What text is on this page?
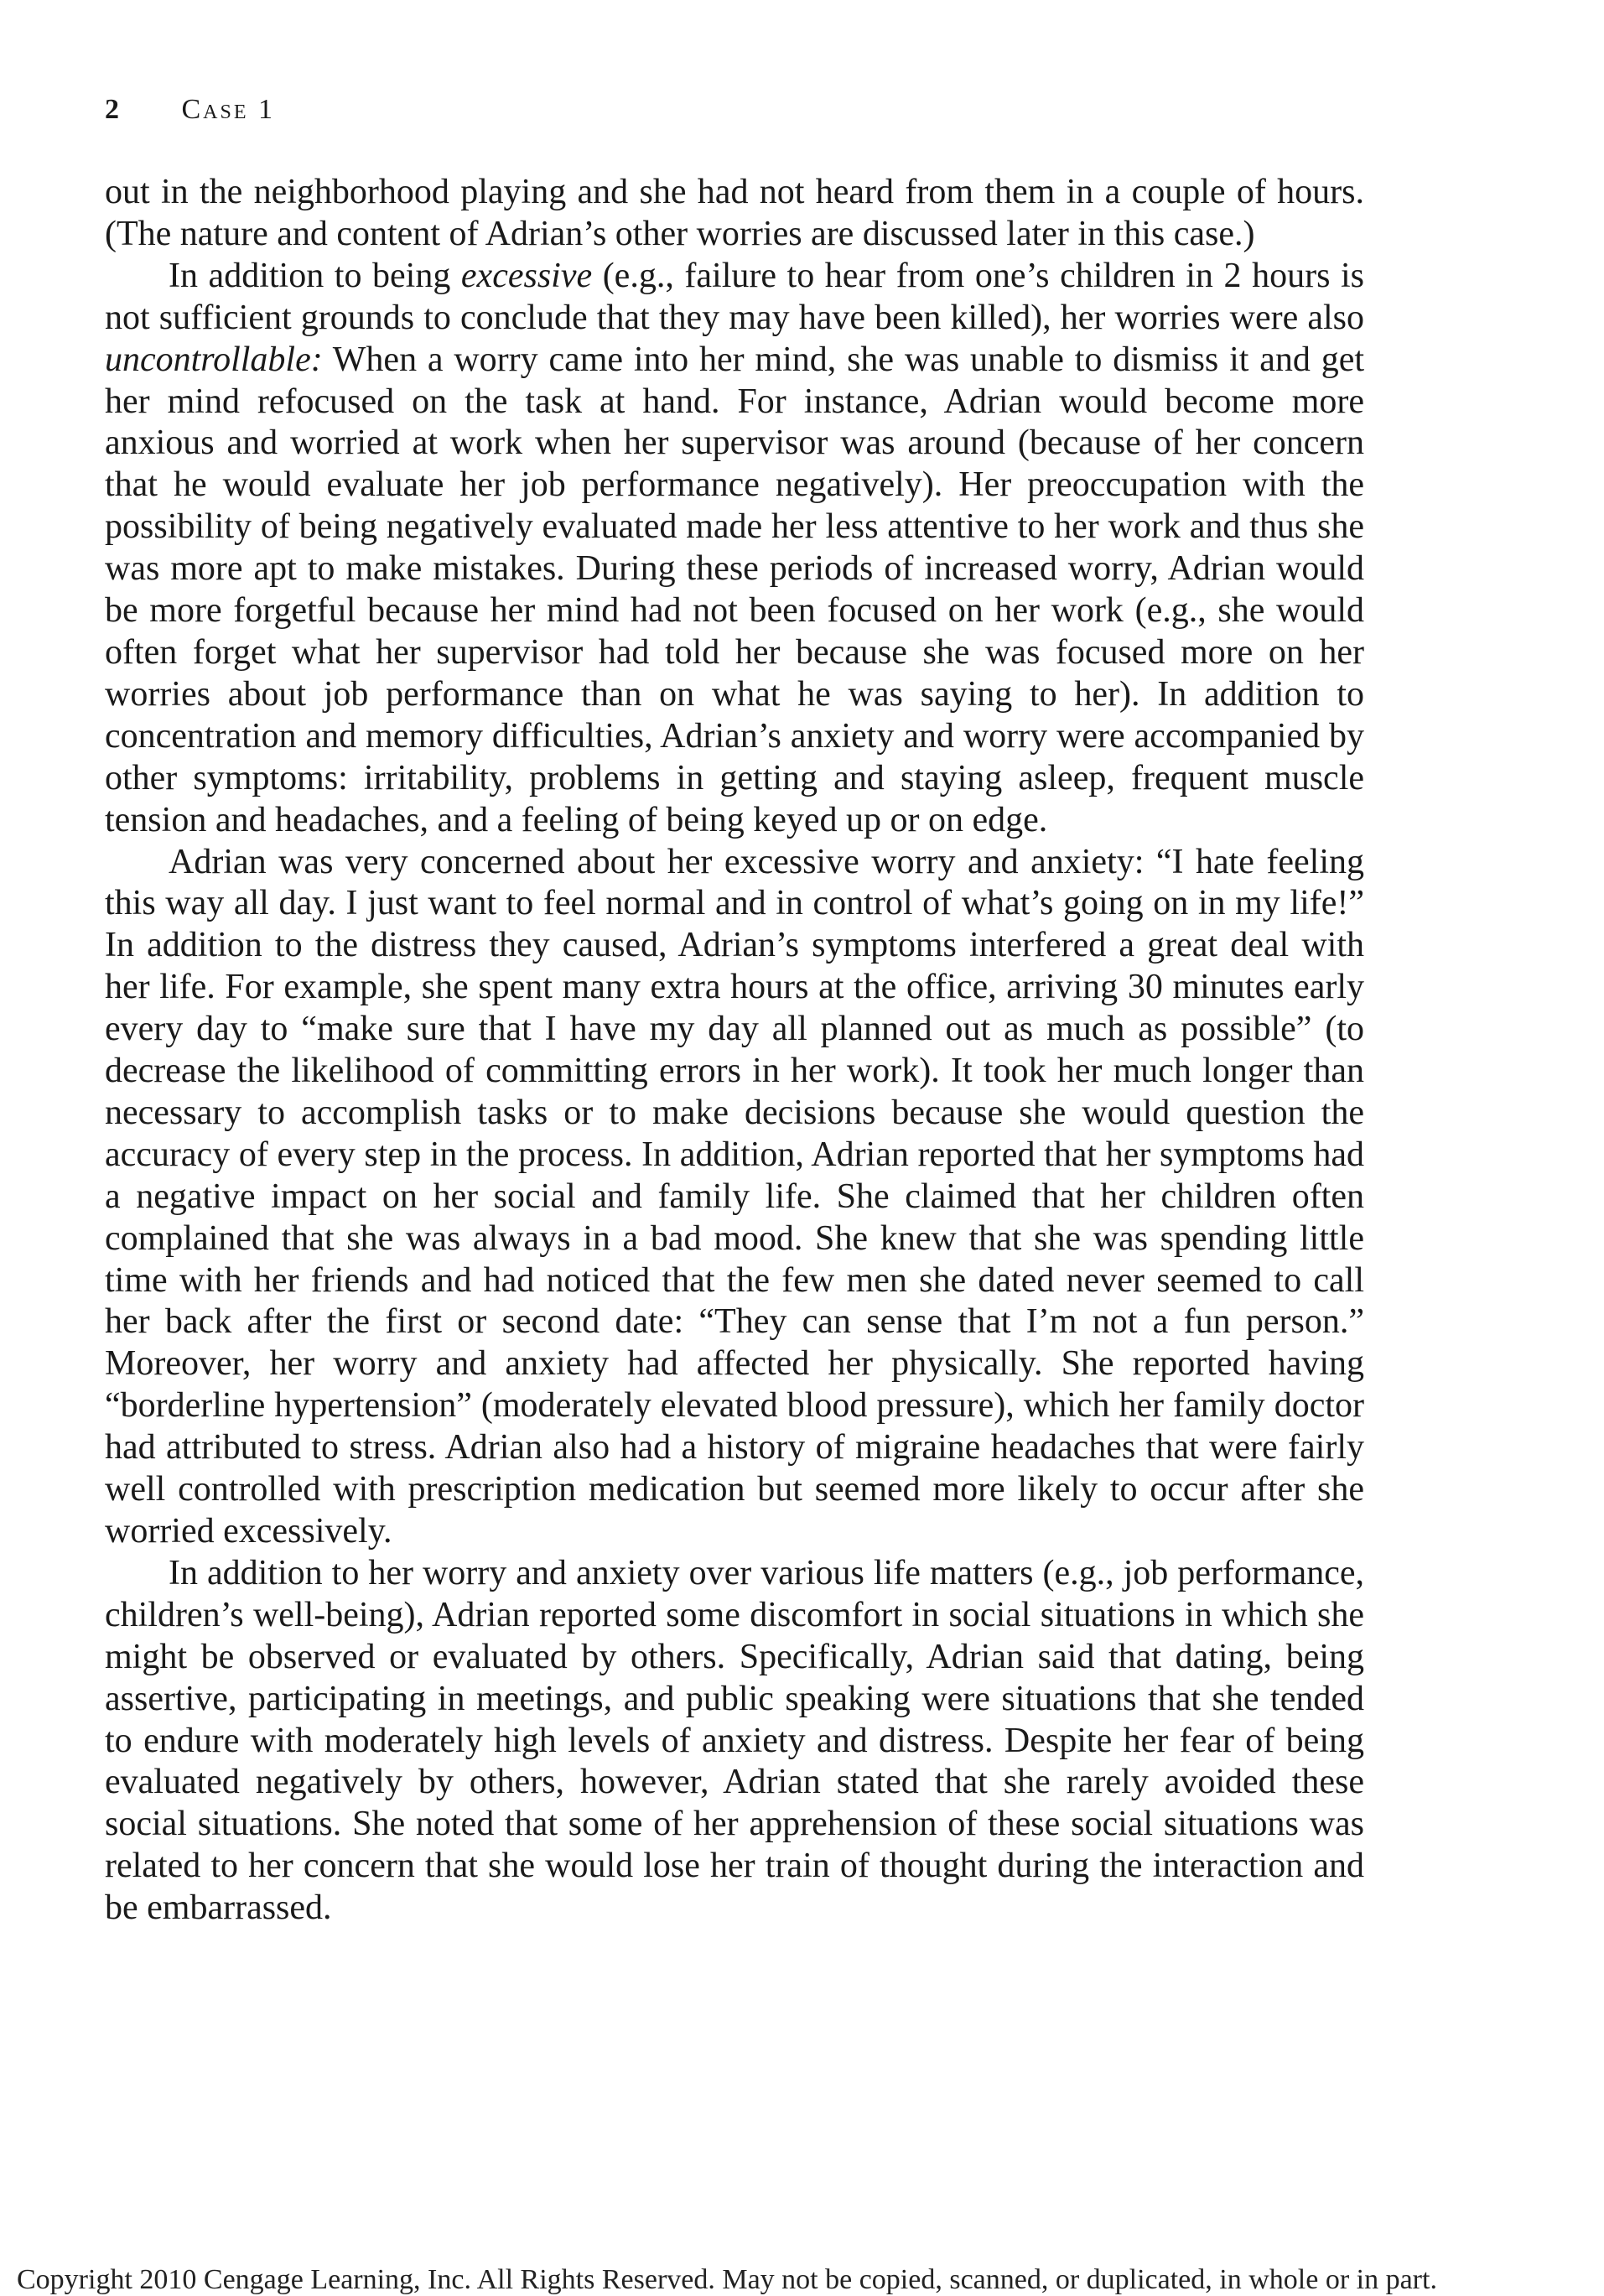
2 Case 1

out in the neighborhood playing and she had not heard from them in a couple of hours. (The nature and content of Adrian’s other worries are discussed later in this case.)

In addition to being excessive (e.g., failure to hear from one’s children in 2 hours is not sufficient grounds to conclude that they may have been killed), her worries were also uncontrollable: When a worry came into her mind, she was unable to dismiss it and get her mind refocused on the task at hand. For instance, Adrian would become more anxious and worried at work when her supervisor was around (because of her concern that he would evaluate her job performance negatively). Her preoccupation with the possibility of being negatively evaluated made her less attentive to her work and thus she was more apt to make mistakes. During these periods of increased worry, Adrian would be more forgetful because her mind had not been focused on her work (e.g., she would often forget what her supervisor had told her because she was focused more on her worries about job performance than on what he was saying to her). In addition to concentration and memory difficulties, Adrian’s anxiety and worry were accompanied by other symptoms: irritability, problems in getting and staying asleep, frequent muscle tension and headaches, and a feeling of being keyed up or on edge.

Adrian was very concerned about her excessive worry and anxiety: “I hate feeling this way all day. I just want to feel normal and in control of what’s going on in my life!” In addition to the distress they caused, Adrian’s symptoms interfered a great deal with her life. For example, she spent many extra hours at the office, arriving 30 minutes early every day to “make sure that I have my day all planned out as much as possible” (to decrease the likelihood of committing errors in her work). It took her much longer than necessary to accomplish tasks or to make decisions because she would question the accuracy of every step in the process. In addition, Adrian reported that her symptoms had a negative impact on her social and family life. She claimed that her children often complained that she was always in a bad mood. She knew that she was spending little time with her friends and had noticed that the few men she dated never seemed to call her back after the first or second date: “They can sense that I’m not a fun person.” Moreover, her worry and anxiety had affected her physically. She reported having “borderline hypertension” (moderately elevated blood pressure), which her family doctor had attributed to stress. Adrian also had a history of migraine headaches that were fairly well controlled with prescription medication but seemed more likely to occur after she worried excessively.

In addition to her worry and anxiety over various life matters (e.g., job performance, children’s well-being), Adrian reported some discomfort in social situations in which she might be observed or evaluated by others. Specifically, Adrian said that dating, being assertive, participating in meetings, and public speaking were situations that she tended to endure with moderately high levels of anxiety and distress. Despite her fear of being evaluated negatively by others, however, Adrian stated that she rarely avoided these social situations. She noted that some of her apprehension of these social situations was related to her concern that she would lose her train of thought during the interaction and be embarrassed.

Copyright 2010 Cengage Learning, Inc. All Rights Reserved. May not be copied, scanned, or duplicated, in whole or in part.
